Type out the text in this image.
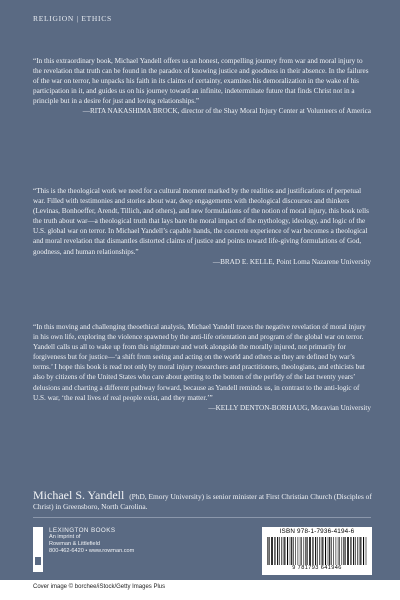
RELIGION | ETHICS

“In this extraordinary book, Michael Yandell offers us an honest, compelling journey from war and moral injury to the revelation that truth can be found in the paradox of knowing justice and goodness in their absence. In the failures of the war on terror, he unpacks his faith in its claims of certainty, examines his demoralization in the wake of his participation in it, and guides us on his journey toward an infinite, indeterminate future that finds Christ not in a principle but in a desire for just and loving relationships.”
—RITA NAKASHIMA BROCK, director of the Shay Moral Injury Center at Volunteers of America

“This is the theological work we need for a cultural moment marked by the realities and justifications of perpetual war. Filled with testimonies and stories about war, deep engagements with theological discourses and thinkers (Levinas, Bonhoeffer, Arendt, Tillich, and others), and new formulations of the notion of moral injury, this book tells the truth about war—a theological truth that lays bare the moral impact of the mythology, ideology, and logic of the U.S. global war on terror. In Michael Yandell’s capable hands, the concrete experience of war becomes a theological and moral revelation that dismantles distorted claims of justice and points toward life-giving formulations of God, goodness, and human relationships.”
—BRAD E. KELLE, Point Loma Nazarene University

“In this moving and challenging theoethical analysis, Michael Yandell traces the negative revelation of moral injury in his own life, exploring the violence spawned by the anti-life orientation and program of the global war on terror. Yandell calls us all to wake up from this nightmare and work alongside the morally injured, not primarily for forgiveness but for justice—‘a shift from seeing and acting on the world and others as they are defined by war’s terms.’ I hope this book is read not only by moral injury researchers and practitioners, theologians, and ethicists but also by citizens of the United States who care about getting to the bottom of the perfidy of the last twenty years’ delusions and charting a different pathway forward, because as Yandell reminds us, in contrast to the anti-logic of U.S. war, ‘the real lives of real people exist, and they matter.’”
—KELLY DENTON-BORHAUG, Moravian University

Michael S. Yandell (PhD, Emory University) is senior minister at First Christian Church (Disciples of Christ) in Greensboro, North Carolina.
LEXINGTON BOOKS
An imprint of
Rowman & Littlefield
800-462-6420 • www.rowman.com
ISBN 978-1-7936-4194-6
9 781793 641946
Cover image © borchee/iStock/Getty Images Plus
